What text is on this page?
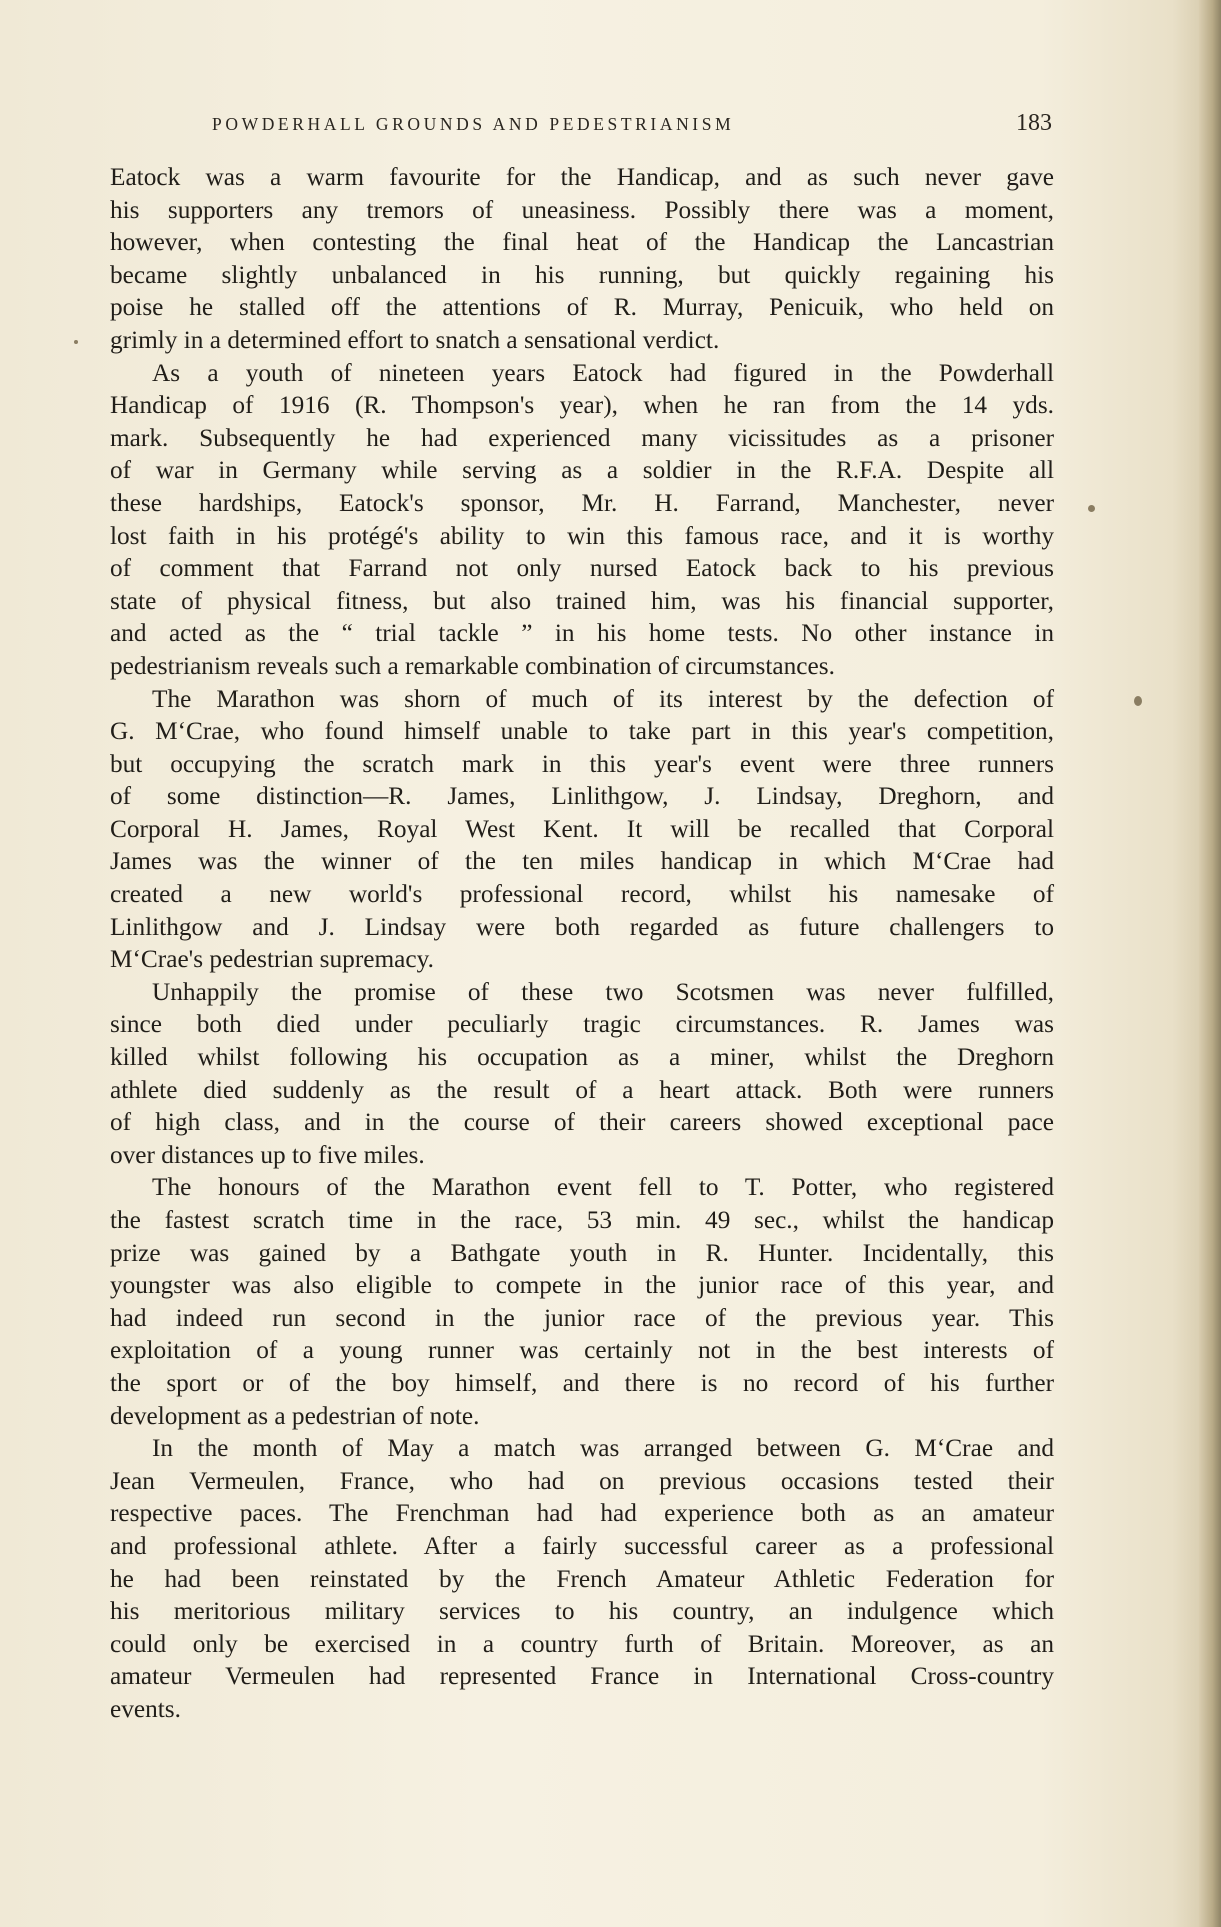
POWDERHALL GROUNDS AND PEDESTRIANISM	183
Eatock was a warm favourite for the Handicap, and as such never gave
his supporters any tremors of uneasiness. Possibly there was a moment,
however, when contesting the final heat of the Handicap the Lancastrian
became slightly unbalanced in his running, but quickly regaining his
poise he stalled off the attentions of R. Murray, Penicuik, who held on
grimly in a determined effort to snatch a sensational verdict.
As a youth of nineteen years Eatock had figured in the Powderhall
Handicap of 1916 (R. Thompson's year), when he ran from the 14 yds.
mark. Subsequently he had experienced many vicissitudes as a prisoner
of war in Germany while serving as a soldier in the R.F.A. Despite all
these hardships, Eatock's sponsor, Mr. H. Farrand, Manchester, never
lost faith in his protégé's ability to win this famous race, and it is worthy
of comment that Farrand not only nursed Eatock back to his previous
state of physical fitness, but also trained him, was his financial supporter,
and acted as the “ trial tackle ” in his home tests. No other instance in
pedestrianism reveals such a remarkable combination of circumstances.
The Marathon was shorn of much of its interest by the defection of
G. M‘Crae, who found himself unable to take part in this year's competition,
but occupying the scratch mark in this year's event were three runners
of some distinction—R. James, Linlithgow, J. Lindsay, Dreghorn, and
Corporal H. James, Royal West Kent. It will be recalled that Corporal
James was the winner of the ten miles handicap in which M‘Crae had
created a new world's professional record, whilst his namesake of
Linlithgow and J. Lindsay were both regarded as future challengers to
M‘Crae's pedestrian supremacy.
Unhappily the promise of these two Scotsmen was never fulfilled,
since both died under peculiarly tragic circumstances. R. James was
killed whilst following his occupation as a miner, whilst the Dreghorn
athlete died suddenly as the result of a heart attack. Both were runners
of high class, and in the course of their careers showed exceptional pace
over distances up to five miles.
The honours of the Marathon event fell to T. Potter, who registered
the fastest scratch time in the race, 53 min. 49 sec., whilst the handicap
prize was gained by a Bathgate youth in R. Hunter. Incidentally, this
youngster was also eligible to compete in the junior race of this year, and
had indeed run second in the junior race of the previous year. This
exploitation of a young runner was certainly not in the best interests of
the sport or of the boy himself, and there is no record of his further
development as a pedestrian of note.
In the month of May a match was arranged between G. M‘Crae and
Jean Vermeulen, France, who had on previous occasions tested their
respective paces. The Frenchman had had experience both as an amateur
and professional athlete. After a fairly successful career as a professional
he had been reinstated by the French Amateur Athletic Federation for
his meritorious military services to his country, an indulgence which
could only be exercised in a country furth of Britain. Moreover, as an
amateur Vermeulen had represented France in International Cross-country
events.
